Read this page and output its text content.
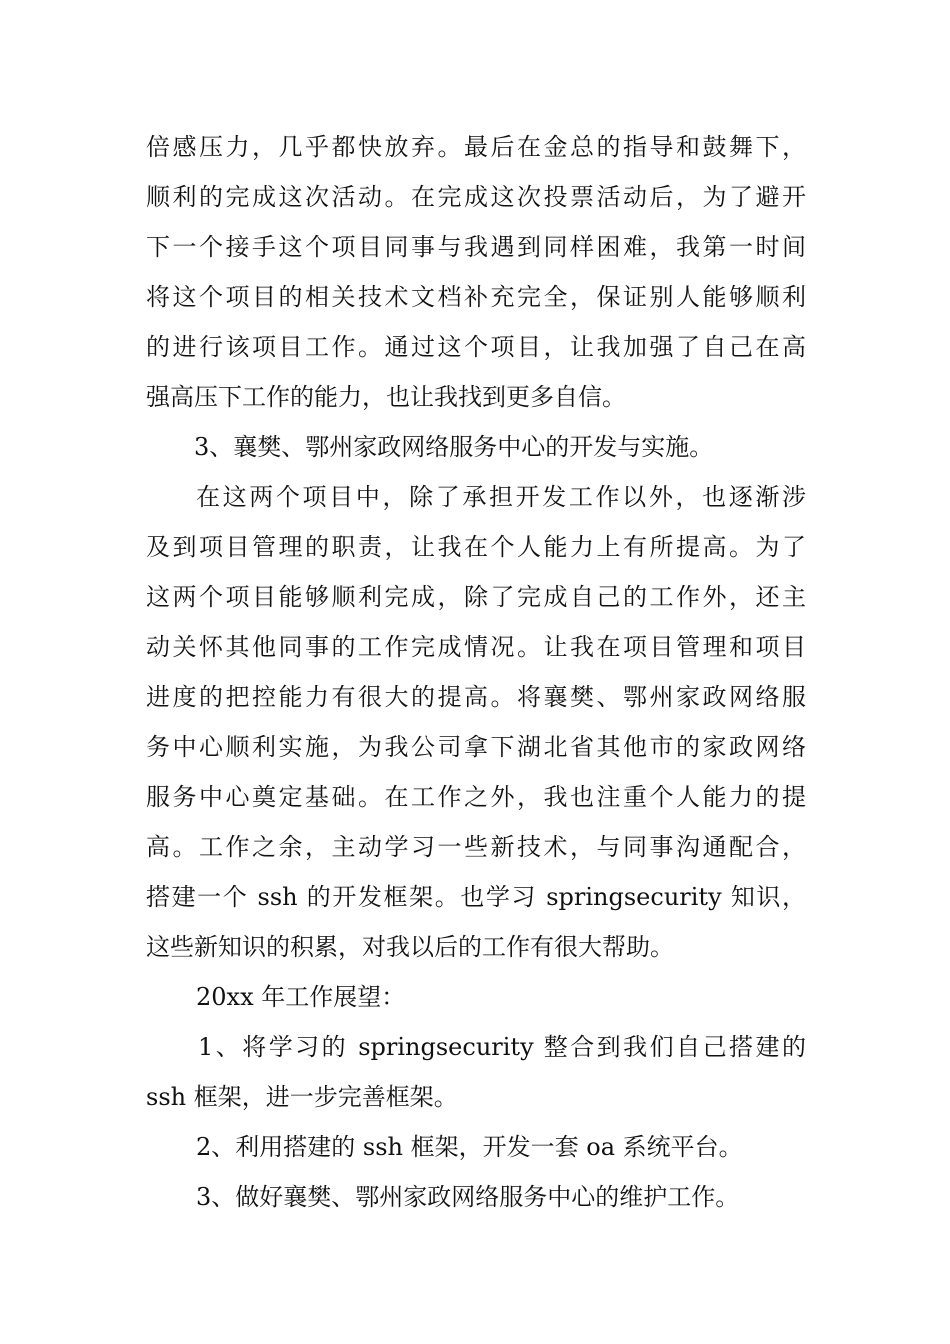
倍感压力，几乎都快放弃。最后在金总的指导和鼓舞下，
顺利的完成这次活动。在完成这次投票活动后，为了避开
下一个接手这个项目同事与我遇到同样困难，我第一时间
将这个项目的相关技术文档补充完全，保证别人能够顺利
的进行该项目工作。通过这个项目，让我加强了自己在高
强高压下工作的能力，也让我找到更多自信。
3、襄樊、鄂州家政网络服务中心的开发与实施。
在这两个项目中，除了承担开发工作以外，也逐渐涉
及到项目管理的职责，让我在个人能力上有所提高。为了
这两个项目能够顺利完成，除了完成自己的工作外，还主
动关怀其他同事的工作完成情况。让我在项目管理和项目
进度的把控能力有很大的提高。将襄樊、鄂州家政网络服
务中心顺利实施，为我公司拿下湖北省其他市的家政网络
服务中心奠定基础。在工作之外，我也注重个人能力的提
高。工作之余，主动学习一些新技术，与同事沟通配合，
搭建一个 ssh 的开发框架。也学习 springsecurity 知识，
这些新知识的积累，对我以后的工作有很大帮助。
20xx 年工作展望：
1、将学习的 springsecurity 整合到我们自己搭建的
ssh 框架，进一步完善框架。
2、利用搭建的 ssh 框架，开发一套 oa 系统平台。
3、做好襄樊、鄂州家政网络服务中心的维护工作。
